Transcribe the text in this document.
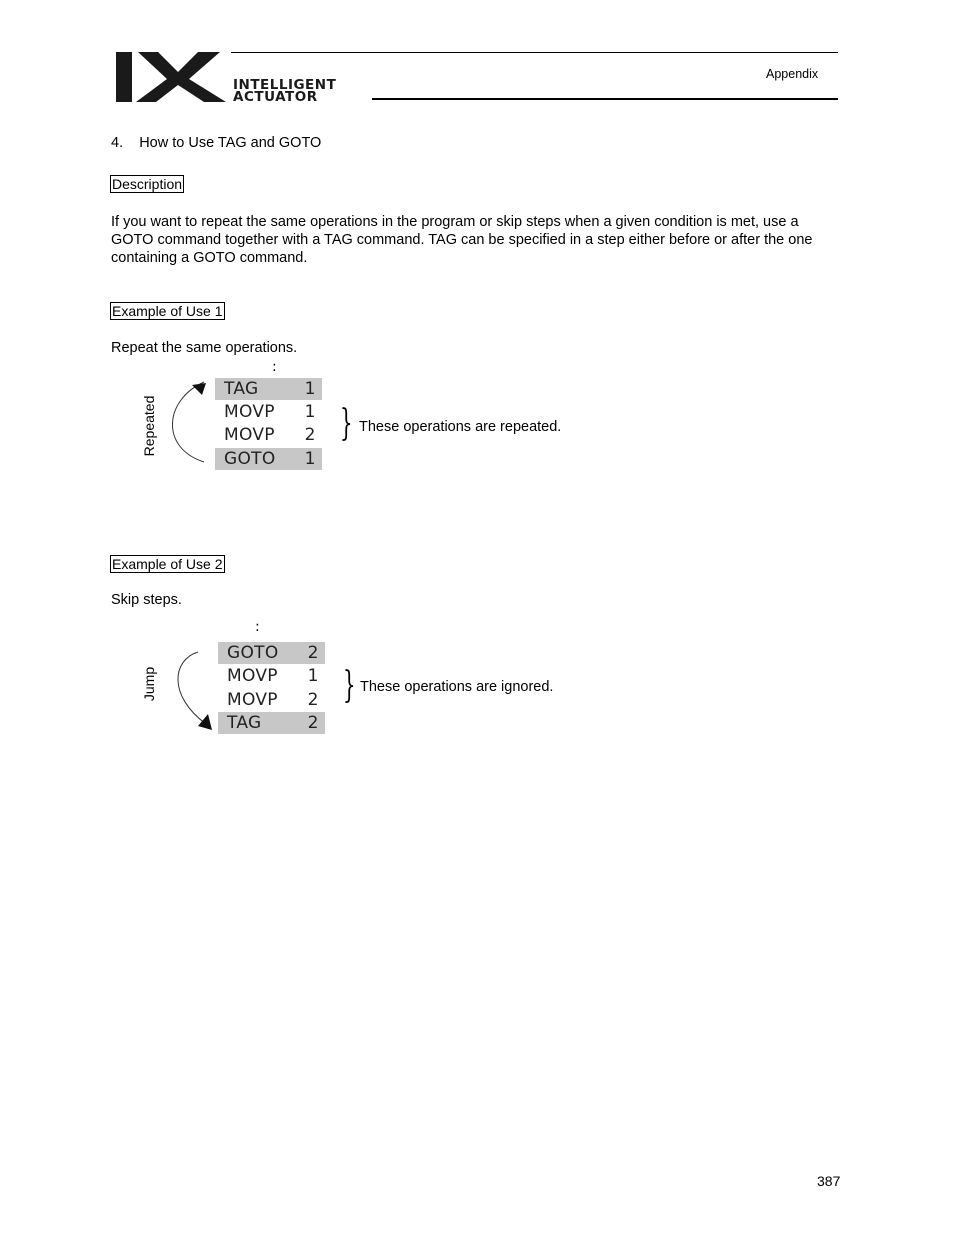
INTELLIGENT
ACTUATOR
Appendix
4.    How to Use TAG and GOTO
Description
If you want to repeat the same operations in the program or skip steps when a given condition is met, use a GOTO command together with a TAG command. TAG can be specified in a step either before or after the one containing a GOTO command.
Example of Use 1
Repeat the same operations.
:
TAG	1
MOVP	1
MOVP	2
GOTO	1
Repeated	} These operations are repeated.
Example of Use 2
Skip steps.
:
GOTO	2
MOVP	1
MOVP	2
TAG	2
Jump	} These operations are ignored.
387
